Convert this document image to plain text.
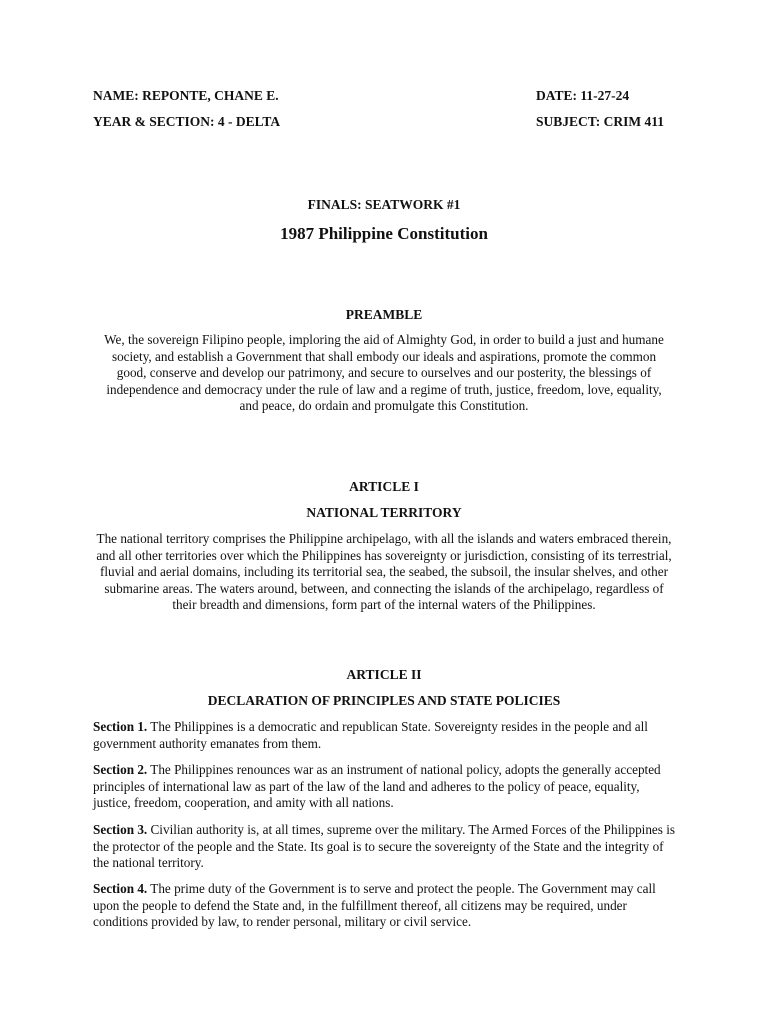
NAME: REPONTE, CHANE E.	DATE: 11-27-24
YEAR & SECTION: 4 - DELTA	SUBJECT: CRIM 411
FINALS: SEATWORK #1
1987 Philippine Constitution
PREAMBLE
We, the sovereign Filipino people, imploring the aid of Almighty God, in order to build a just and humane society, and establish a Government that shall embody our ideals and aspirations, promote the common good, conserve and develop our patrimony, and secure to ourselves and our posterity, the blessings of independence and democracy under the rule of law and a regime of truth, justice, freedom, love, equality, and peace, do ordain and promulgate this Constitution.
ARTICLE I
NATIONAL TERRITORY
The national territory comprises the Philippine archipelago, with all the islands and waters embraced therein, and all other territories over which the Philippines has sovereignty or jurisdiction, consisting of its terrestrial, fluvial and aerial domains, including its territorial sea, the seabed, the subsoil, the insular shelves, and other submarine areas. The waters around, between, and connecting the islands of the archipelago, regardless of their breadth and dimensions, form part of the internal waters of the Philippines.
ARTICLE II
DECLARATION OF PRINCIPLES AND STATE POLICIES
Section 1. The Philippines is a democratic and republican State. Sovereignty resides in the people and all government authority emanates from them.
Section 2. The Philippines renounces war as an instrument of national policy, adopts the generally accepted principles of international law as part of the law of the land and adheres to the policy of peace, equality, justice, freedom, cooperation, and amity with all nations.
Section 3. Civilian authority is, at all times, supreme over the military. The Armed Forces of the Philippines is the protector of the people and the State. Its goal is to secure the sovereignty of the State and the integrity of the national territory.
Section 4. The prime duty of the Government is to serve and protect the people. The Government may call upon the people to defend the State and, in the fulfillment thereof, all citizens may be required, under conditions provided by law, to render personal, military or civil service.
